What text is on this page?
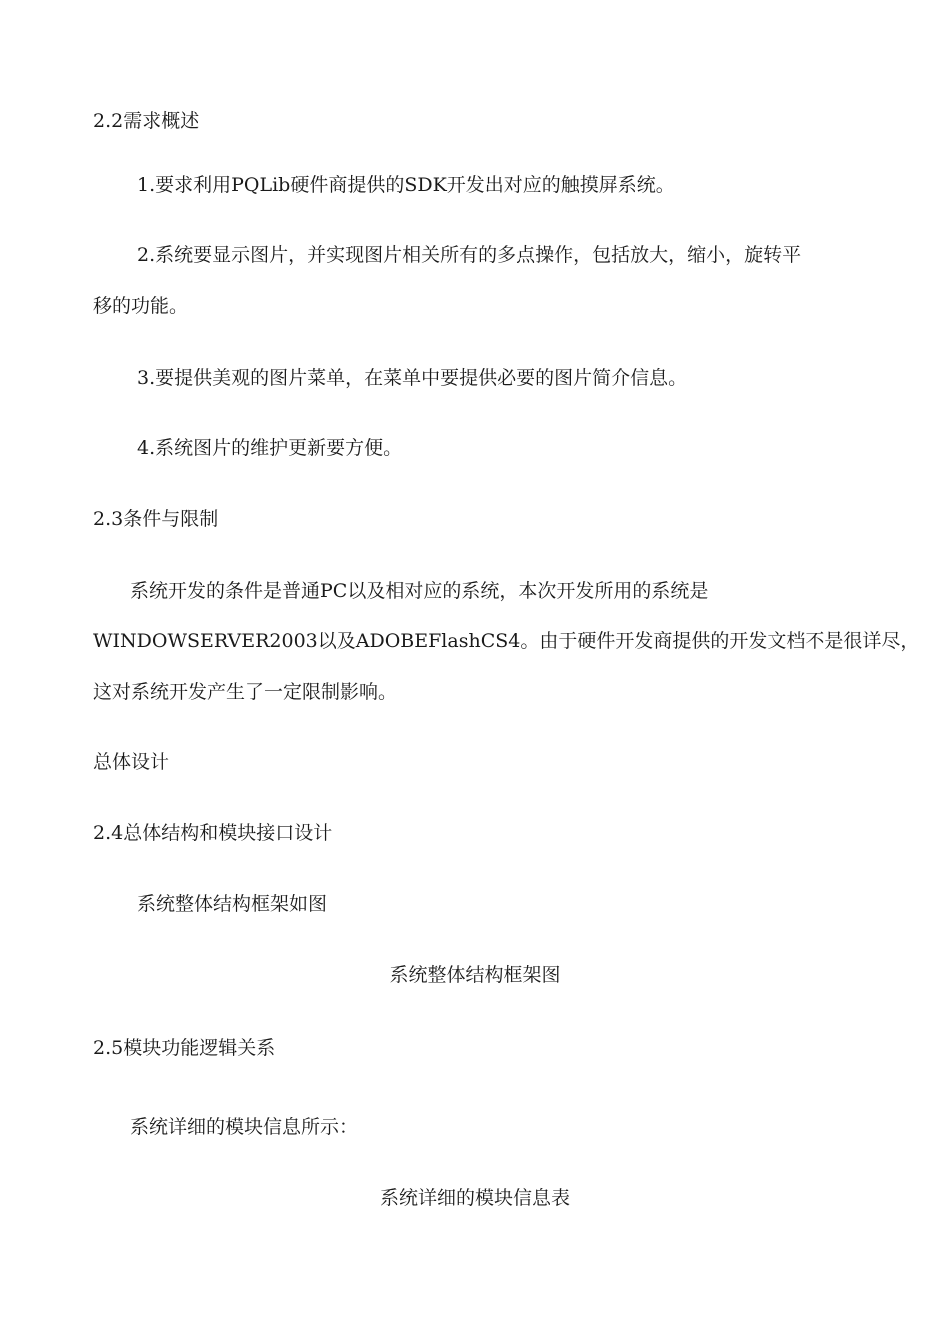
2.2需求概述
1.要求利用PQLib硬件商提供的SDK开发出对应的触摸屏系统。
2.系统要显示图片，并实现图片相关所有的多点操作，包括放大，缩小，旋转平
移的功能。
3.要提供美观的图片菜单，在菜单中要提供必要的图片简介信息。
4.系统图片的维护更新要方便。
2.3条件与限制
系统开发的条件是普通PC以及相对应的系统，本次开发所用的系统是
WINDOWSERVER2003以及ADOBEFlashCS4。由于硬件开发商提供的开发文档不是很详尽，
这对系统开发产生了一定限制影响。
总体设计
2.4总体结构和模块接口设计
系统整体结构框架如图
系统整体结构框架图
2.5模块功能逻辑关系
系统详细的模块信息所示：
系统详细的模块信息表
